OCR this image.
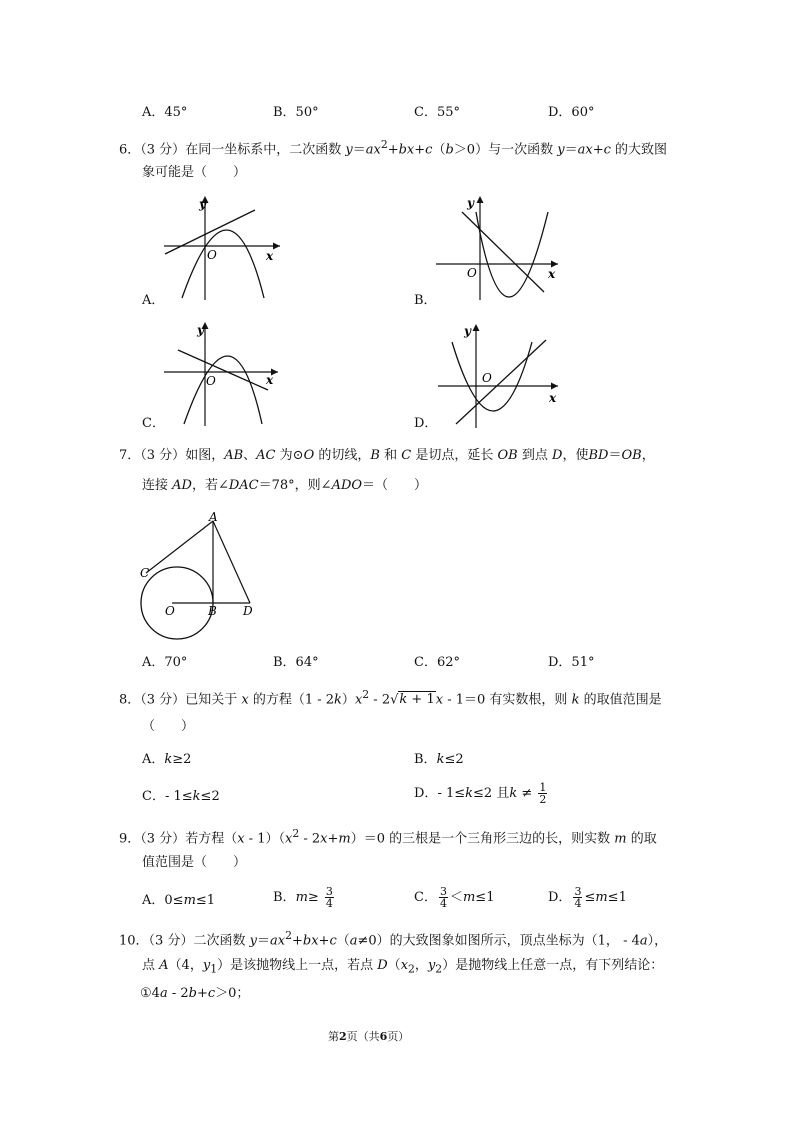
A．45°	B．50°	C．55°	D．60°
6．（3 分）在同一坐标系中，二次函数 $y=ax^2+bx+c(b>0)$与一次函数 y＝ax+c 的大致图
象可能是（　　）
A．	B．
C．	D．
y
x
O
y
x
O
y
x
O
y
x
O
7．（3 分）如图，AB、AC 为⊙O 的切线，B 和 C 是切点，延长 OB 到点 D，使BD＝OB，
连接 AD，若∠DAC＝78°，则∠ADO＝（　　）
A
C
O	B D
A．70°	B．64°	C．62°	D．51°
8．（3 分）已知关于 x 的方程$(1 - 2k)x^2 - 2√k + 1x - 1=0$ 有实数根，则 k 的取值范围是
（　　）
A．k≥2	B．k≤2
C．- 1≤k≤2	D．- 1≤k≤2 且$k \ne \frac{1}{2}$
9．（3 分）若方程$(x - 1)(x^2 - 2x+m)=0$ 的三根是一个三角形三边的长，则实数 m 的取
值范围是（　　）
A．0≤m≤1	B．$m\ge \frac{3}{4}$	C． $\frac{3}{4} <m\le 1$	D． $\frac{3}{4} \le m\le 1$
10．（3 分）二次函数 $y=ax^2+bx+c(a\ne 0)$的大致图象如图所示，顶点坐标为（1， - 4a），
点 A（4，$y_1$）是该抛物线上一点，若点 $D(x_2$，$y_2$）是抛物线上任意一点，有下列结论：
①4a - 2b+c＞0；
第2页（共6页）
